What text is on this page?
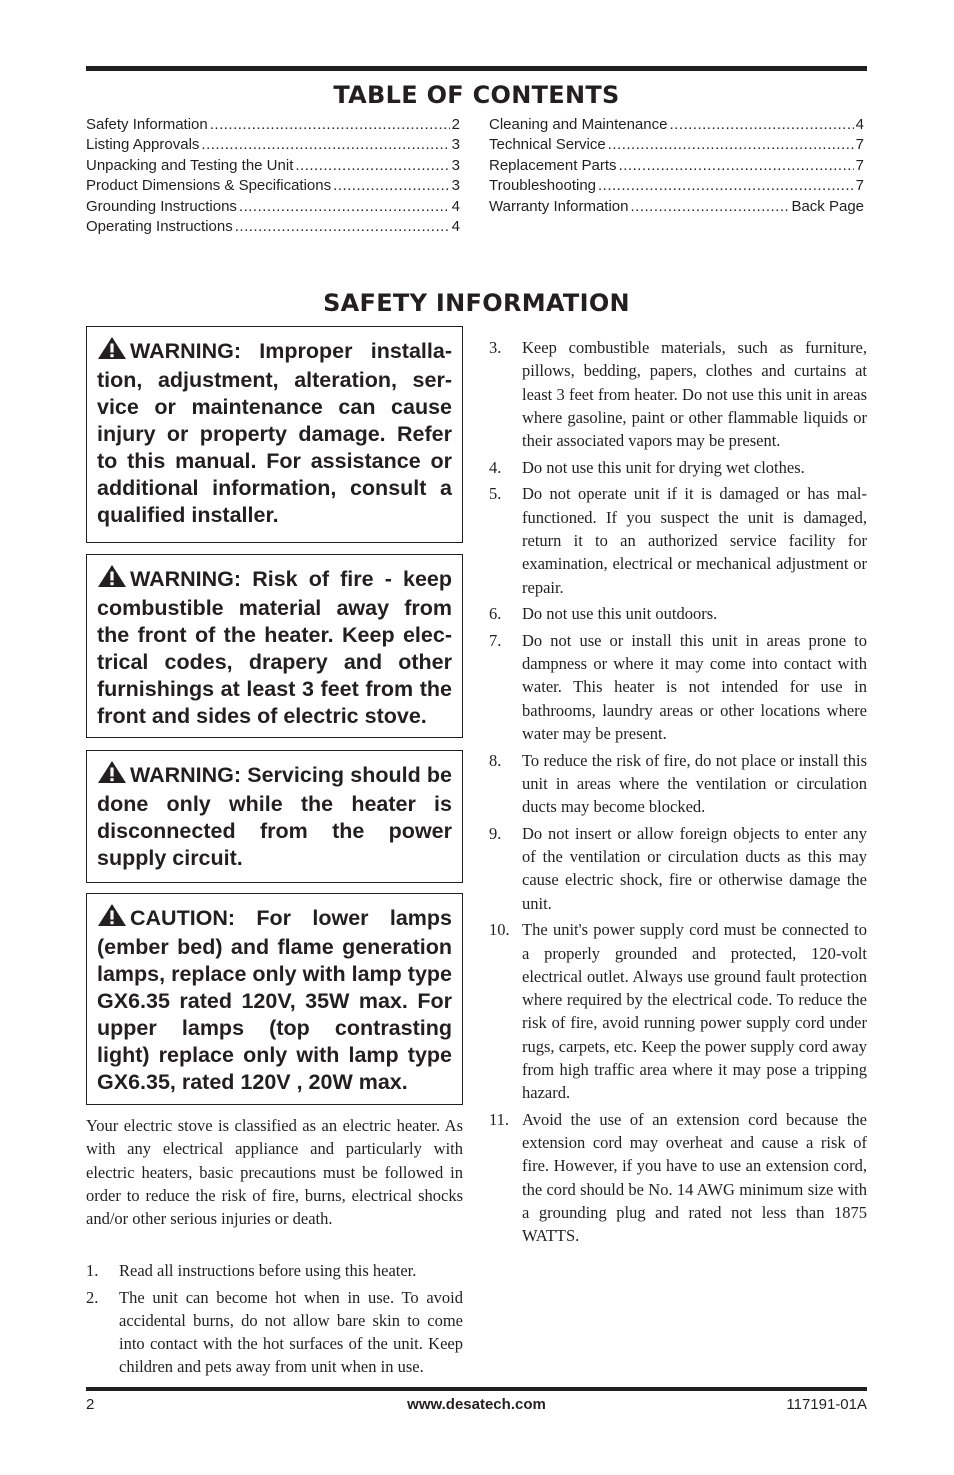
TABLE OF CONTENTS
Safety Information .....	2
Listing Approvals .....	3
Unpacking and Testing the Unit .....	3
Product Dimensions & Specifications .....	3
Grounding Instructions .....	4
Operating Instructions .....	4
Cleaning and Maintenance .....	4
Technical Service .....	7
Replacement Parts .....	7
Troubleshooting .....	7
Warranty Information .....	Back Page
SAFETY INFORMATION
WARNING: Improper installation, adjustment, alteration, service or maintenance can cause injury or property damage. Refer to this manual. For assistance or additional information, consult a qualified installer.
WARNING: Risk of fire - keep combustible material away from the front of the heater. Keep electrical codes, drapery and other furnishings at least 3 feet from the front and sides of electric stove.
WARNING: Servicing should be done only while the heater is disconnected from the power supply circuit.
CAUTION: For lower lamps (ember bed) and flame generation lamps, replace only with lamp type GX6.35 rated 120V, 35W max. For upper lamps (top contrasting light) replace only with lamp type GX6.35, rated 120V , 20W max.

Your electric stove is classified as an electric heater. As with any electrical appliance and particularly with electric heaters, basic precautions must be followed in order to reduce the risk of fire, burns, electrical shocks and/or other serious injuries or death.

1. Read all instructions before using this heater.
2. The unit can become hot when in use. To avoid accidental burns, do not allow bare skin to come into contact with the hot surfaces of the unit. Keep children and pets away from unit when in use.
3. Keep combustible materials, such as furniture, pillows, bedding, papers, clothes and curtains at least 3 feet from heater. Do not use this unit in areas where gasoline, paint or other flammable liquids or their associated vapors may be present.
4. Do not use this unit for drying wet clothes.
5. Do not operate unit if it is damaged or has malfunctioned. If you suspect the unit is damaged, return it to an authorized service facility for examination, electrical or mechanical adjustment or repair.
6. Do not use this unit outdoors.
7. Do not use or install this unit in areas prone to dampness or where it may come into contact with water. This heater is not intended for use in bathrooms, laundry areas or other locations where water may be present.
8. To reduce the risk of fire, do not place or install this unit in areas where the ventilation or circulation ducts may become blocked.
9. Do not insert or allow foreign objects to enter any of the ventilation or circulation ducts as this may cause electric shock, fire or otherwise damage the unit.
10. The unit's power supply cord must be connected to a properly grounded and protected, 120-volt electrical outlet. Always use ground fault protection where required by the electrical code. To reduce the risk of fire, avoid running power supply cord under rugs, carpets, etc. Keep the power supply cord away from high traffic area where it may pose a tripping hazard.
11. Avoid the use of an extension cord because the extension cord may overheat and cause a risk of fire. However, if you have to use an extension cord, the cord should be No. 14 AWG minimum size with a grounding plug and rated not less than 1875 WATTS.
2	www.desatech.com	117191-01A
